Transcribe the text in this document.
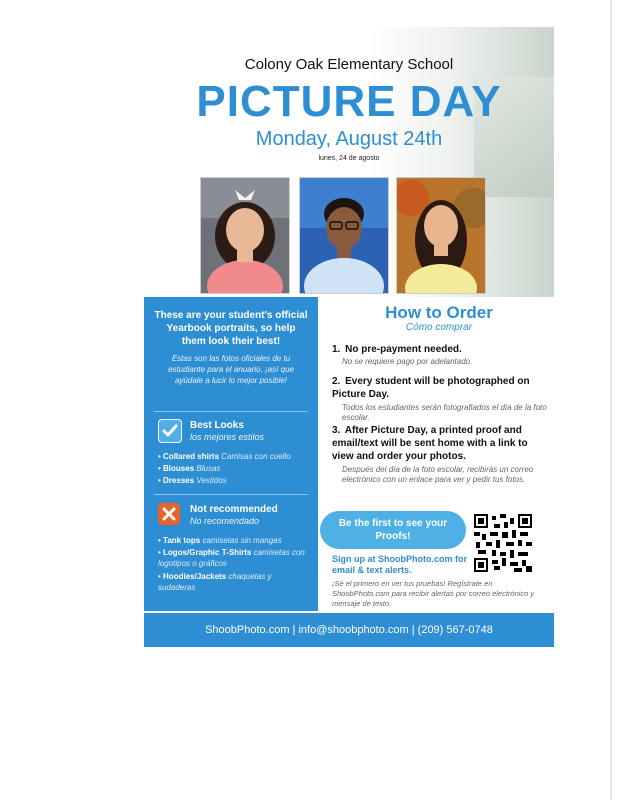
Colony Oak Elementary School
PICTURE DAY
Monday, August 24th
lunes, 24 de agosto
These are your student's official Yearbook portraits, so help them look their best!
Estas son las fotos oficiales de tu estudiante para el anuario, ¡así que ayúdale a lucir lo mejor posible!
Best Looks
los mejores estilos
• Collared shirts Camisas con cuello
• Blouses Blusas
• Dresses Vestidos
Not recommended
No recomendado
• Tank tops camisetas sin mangas
• Logos/Graphic T-Shirts camisetas con logotipos o gráficos
• Hoodies/Jackets chaquetas y sudaderas
How to Order
Cómo comprar
1. No pre-payment needed.
No se requiere pago por adelantado.
2. Every student will be photographed on Picture Day.
Todos los estudiantes serán fotografiados el día de la foto escolar.
3. After Picture Day, a printed proof and email/text will be sent home with a link to view and order your photos.
Después del día de la foto escolar, recibirás un correo electrónico con un enlace para ver y pedir tus fotos.
Be the first to see your Proofs!
Sign up at ShoobPhoto.com for email & text alerts.
¡Sé el primero en ver tus pruebas! Regístrate en ShoobPhoto.com para recibir alertas por correo electrónico y mensaje de texto.
ShoobPhoto.com | info@shoobphoto.com | (209) 567-0748
